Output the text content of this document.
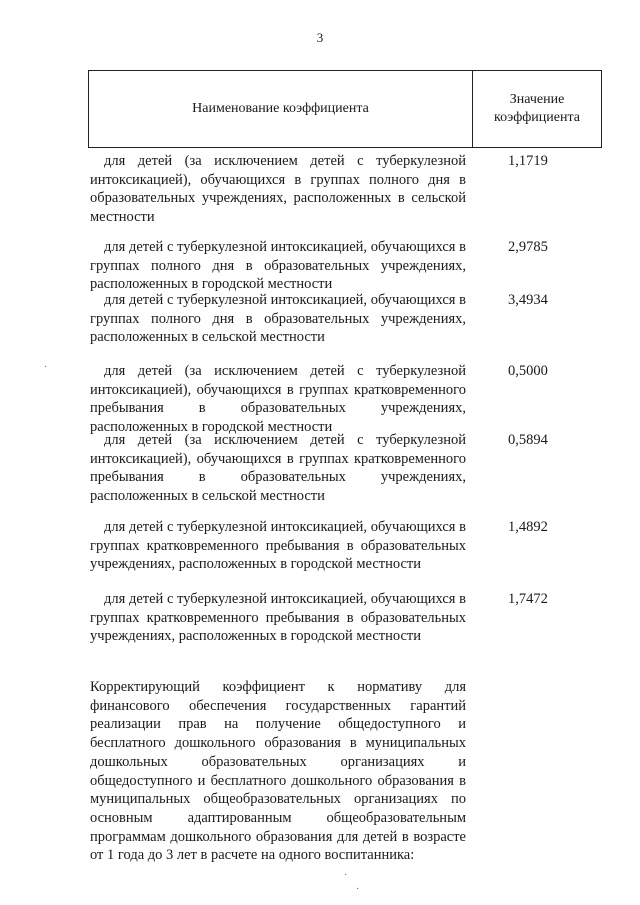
3
Наименование коэффициента
Значение коэффициента
для детей (за исключением детей с туберкулезной интоксикацией), обучающихся в группах полного дня в образовательных учреждениях, расположенных в сельской местности
1,1719
для детей с туберкулезной интоксикацией, обучающихся в группах полного дня в образовательных учреждениях, расположенных в городской местности
2,9785
для детей с туберкулезной интоксикацией, обучающихся в группах полного дня в образовательных учреждениях, расположенных в сельской местности
3,4934
для детей (за исключением детей с туберкулезной интоксикацией), обучающихся в группах кратковременного пребывания в образовательных учреждениях, расположенных в городской местности
0,5000
для детей (за исключением детей с туберкулезной интоксикацией), обучающихся в группах кратковременного пребывания в образовательных учреждениях, расположенных в сельской местности
0,5894
для детей с туберкулезной интоксикацией, обучающихся в группах кратковременного пребывания в образовательных учреждениях, расположенных в городской местности
1,4892
для детей с туберкулезной интоксикацией, обучающихся в группах кратковременного пребывания в образовательных учреждениях, расположенных в городской местности
1,7472
Корректирующий коэффициент к нормативу для финансового обеспечения государственных гарантий реализации прав на получение общедоступного и бесплатного дошкольного образования в муниципальных дошкольных образовательных организациях и общедоступного и бесплатного дошкольного образования в муниципальных общеобразовательных организациях по основным адаптированным общеобразовательным программам дошкольного образования для детей в возрасте от 1 года до 3 лет в расчете на одного воспитанника:
·
·
·
